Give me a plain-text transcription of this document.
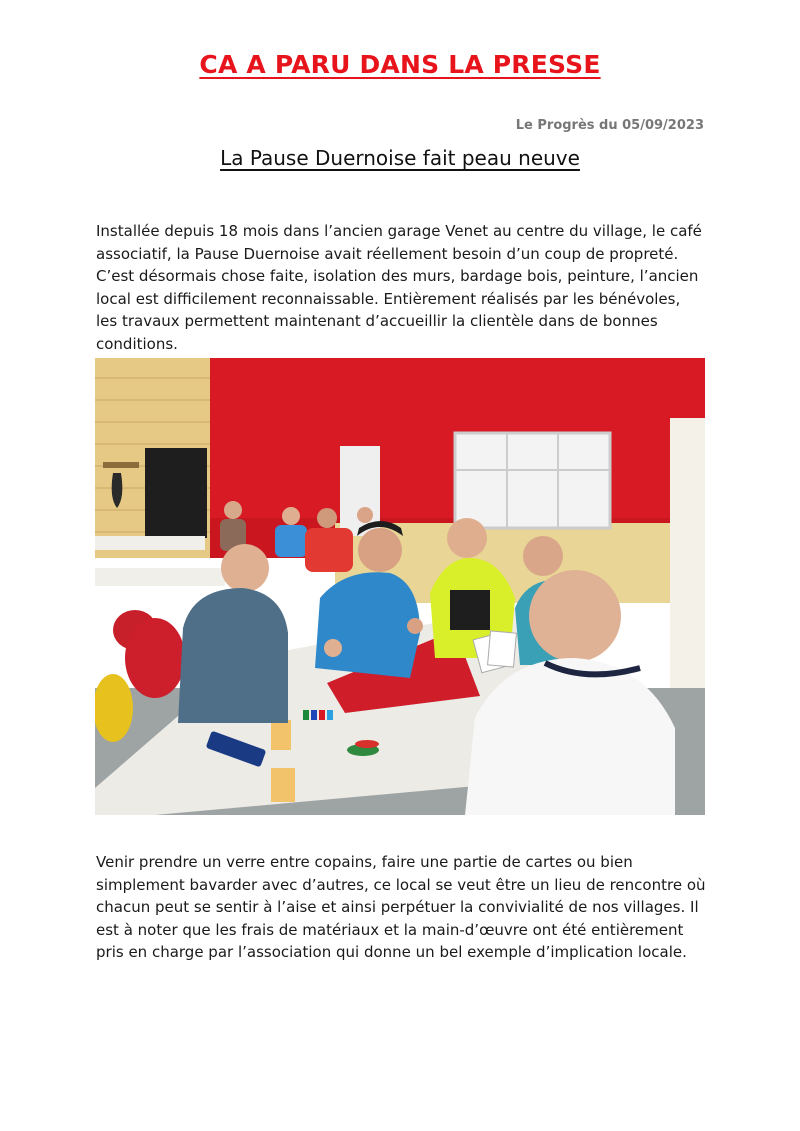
CA A PARU DANS LA PRESSE
Le Progrès du 05/09/2023
La Pause Duernoise fait peau neuve
Installée depuis 18 mois dans l’ancien garage Venet au centre du village, le café associatif, la Pause Duernoise avait réellement besoin d’un coup de propreté. C’est désormais chose faite, isolation des murs, bardage bois, peinture, l’ancien local est difficilement reconnaissable. Entièrement réalisés par les bénévoles, les travaux permettent maintenant d’accueillir la clientèle dans de bonnes conditions.
Venir prendre un verre entre copains, faire une partie de cartes ou bien simplement bavarder avec d’autres, ce local se veut être un lieu de rencontre où chacun peut se sentir à l’aise et ainsi perpétuer la convivialité de nos villages. Il est à noter que les frais de matériaux et la main-d’œuvre ont été entièrement pris en charge par l’association qui donne un bel exemple d’implication locale.
